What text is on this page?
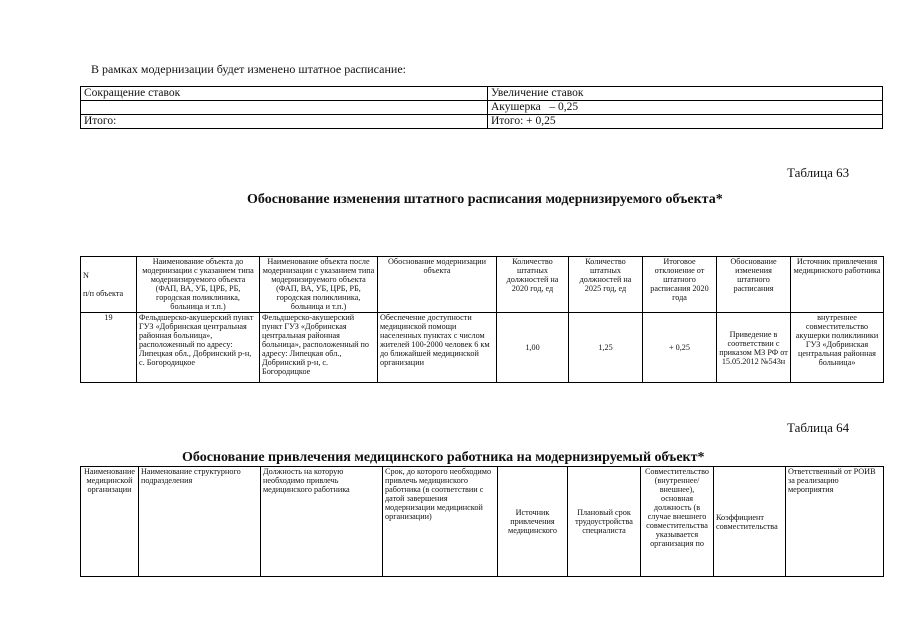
В рамках модернизации будет изменено штатное расписание:
Сокращение ставок	Увеличение ставок
	Акушерка   – 0,25
Итого:	Итого: + 0,25
Таблица 63
Обоснование изменения штатного расписания модернизируемого объекта*
N

п/п объекта	Наименование объекта до модернизации с указанием типа модернизируемого объекта (ФАП, ВА, УБ, ЦРБ, РБ, городская поликлиника, больница и т.п.)	Наименование объекта после модернизации с указанием типа модернизируемого объекта (ФАП, ВА, УБ, ЦРБ, РБ, городская поликлиника, больница и т.п.)	Обоснование модернизации объекта	Количество штатных должностей на 2020 год, ед	Количество штатных должностей на 2025 год, ед	Итоговое отклонение от штатного расписания 2020 года	Обоснование изменения штатного расписания	Источник привлечения медицинского работника
19	Фельдшерско-акушерский пункт ГУЗ «Добринская центральная районная больница», расположенный по адресу: Липецкая обл., Добринский р-н, с. Богородицкое	Фельдшерско-акушерский пункт ГУЗ «Добринская центральная районная больница», расположенный по адресу: Липецкая обл., Добринский р-н, с. Богородицкое	Обеспечение доступности медицинской помощи населенных пунктах с числом жителей 100-2000 человек 6 км до ближайшей медицинской организации	1,00	1,25	+ 0,25	Приведение в соответствии с приказом МЗ РФ от 15.05.2012 №543н	внутреннее совместительство акушерки поликлиники ГУЗ «Добринская центральная районная больница»
Таблица 64
Обоснование привлечения медицинского работника на модернизируемый объект*
Наименование медицинской организации	Наименование структурного подразделения	Должность на которую необходимо привлечь медицинского работника	Срок, до которого необходимо привлечь медицинского работника (в соответствии с датой завершения модернизации медицинской организации)	Источник привлечения медицинского	Плановый срок трудоустройства специалиста	Совместительство (внутреннее/внешнее), основная должность (в случае внешнего совместительства указывается организация по	Коэффициент совместительства	Ответственный от РОИВ за реализацию мероприятия
